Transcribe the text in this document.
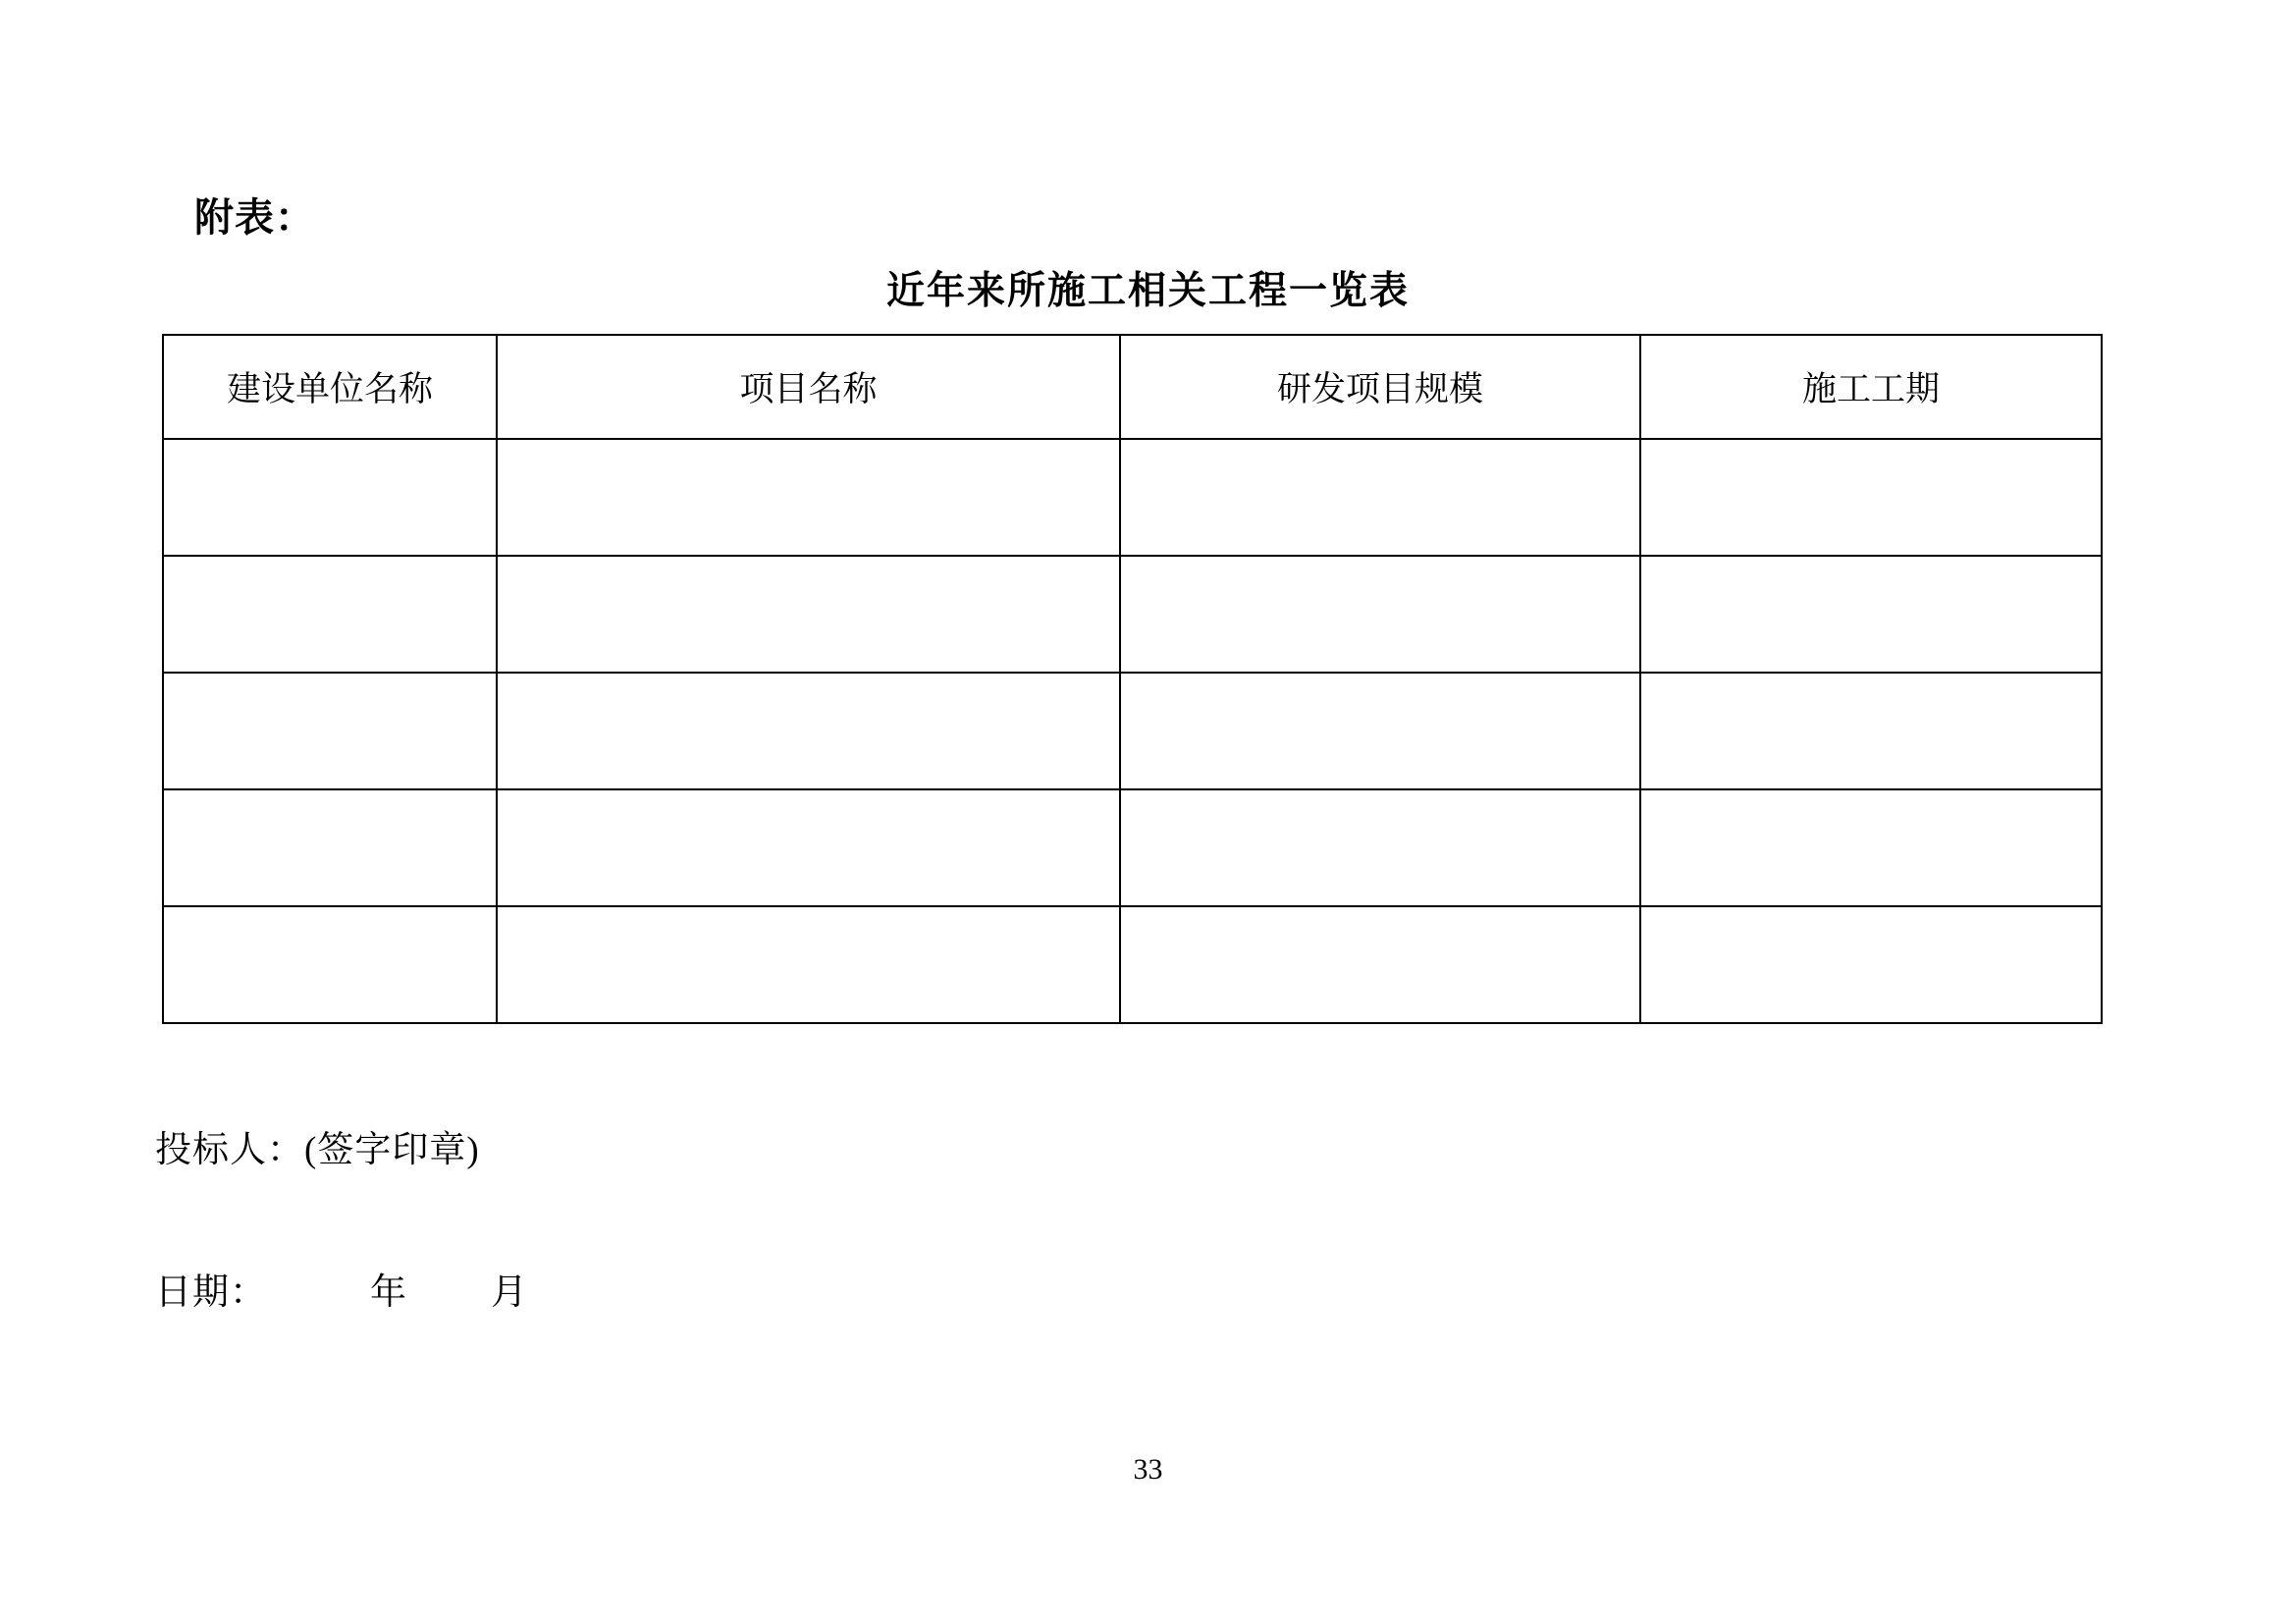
附表：
近年来所施工相关工程一览表
建设单位名称	项目名称	研发项目规模	施工工期

投标人：(签字印章)
日期：	年 月
33
